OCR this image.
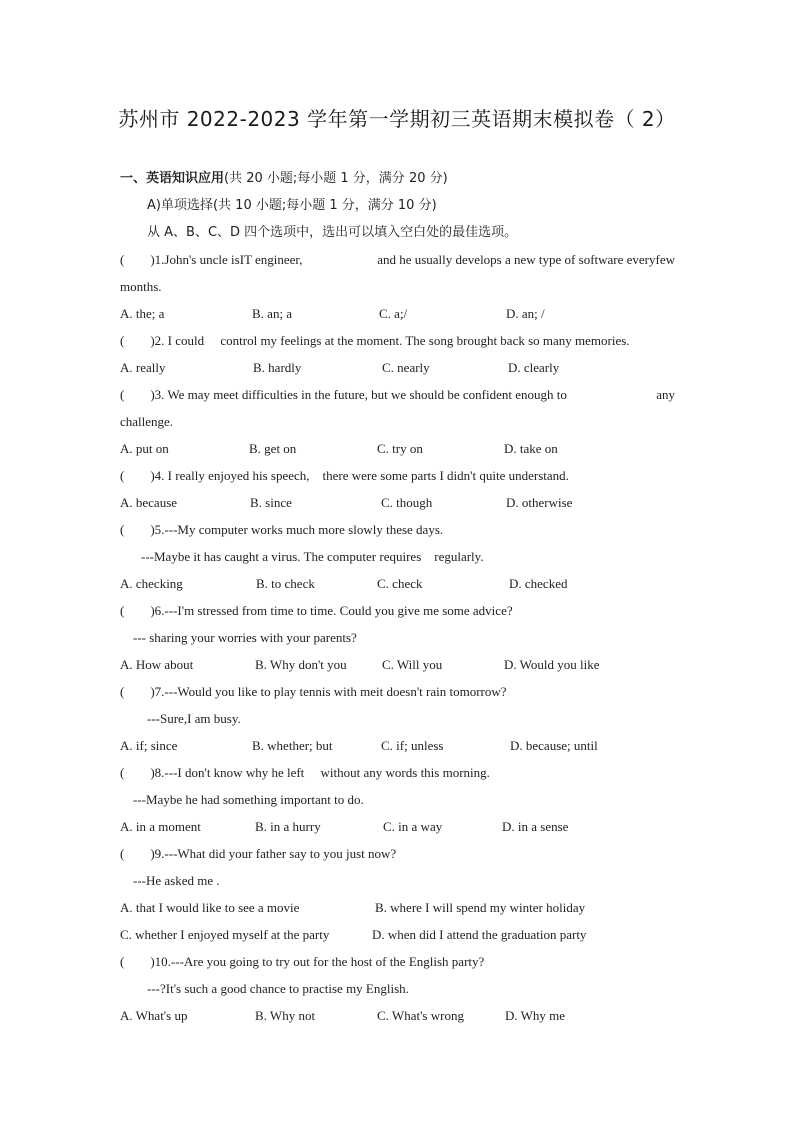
苏州市 2022-2023 学年第一学期初三英语期末模拟卷（ 2）
一、英语知识应用(共 20 小题;每小题 1 分，满分 20 分)
A)单项选择(共 10 小题;每小题 1 分，满分 10 分)
从 A、B、C、D 四个选项中，选出可以填入空白处的最佳选项。
(　　)1.John's uncle isIT engineer,	and he usually develops a new type of software everyfew
months.
A. the; a	B. an; a	C. a;/	D. an; /
(　　)2. I could　 control my feelings at the moment. The song brought back so many memories.
A. really	B. hardly	C. nearly	D. clearly
(　　)3. We may meet difficulties in the future, but we should be confident enough to	any
challenge.
A. put on	B. get on	C. try on	D. take on
(　　)4. I really enjoyed his speech,　there were some parts I didn't quite understand.
A. because	B. since	C. though	D. otherwise
(　　)5.---My computer works much more slowly these days.
---Maybe it has caught a virus. The computer requires　regularly.
A. checking	B. to check	C. check	D. checked
(　　)6.---I'm stressed from time to time. Could you give me some advice?
--- sharing your worries with your parents?
A. How about	B. Why don't you	C. Will you	D. Would you like
(　　)7.---Would you like to play tennis with meit doesn't rain tomorrow?
---Sure,I am busy.
A. if; since	B. whether; but	C. if; unless	D. because; until
(　　)8.---I don't know why he left　 without any words this morning.
---Maybe he had something important to do.
A. in a moment	B. in a hurry	C. in a way	D. in a sense
(　　)9.---What did your father say to you just now?
---He asked me .
A. that I would like to see a movie	B. where I will spend my winter holiday
C. whether I enjoyed myself at the party	D. when did I attend the graduation party
(　　)10.---Are you going to try out for the host of the English party?
---?It's such a good chance to practise my English.
A. What's up	B. Why not	C. What's wrong	D. Why me
